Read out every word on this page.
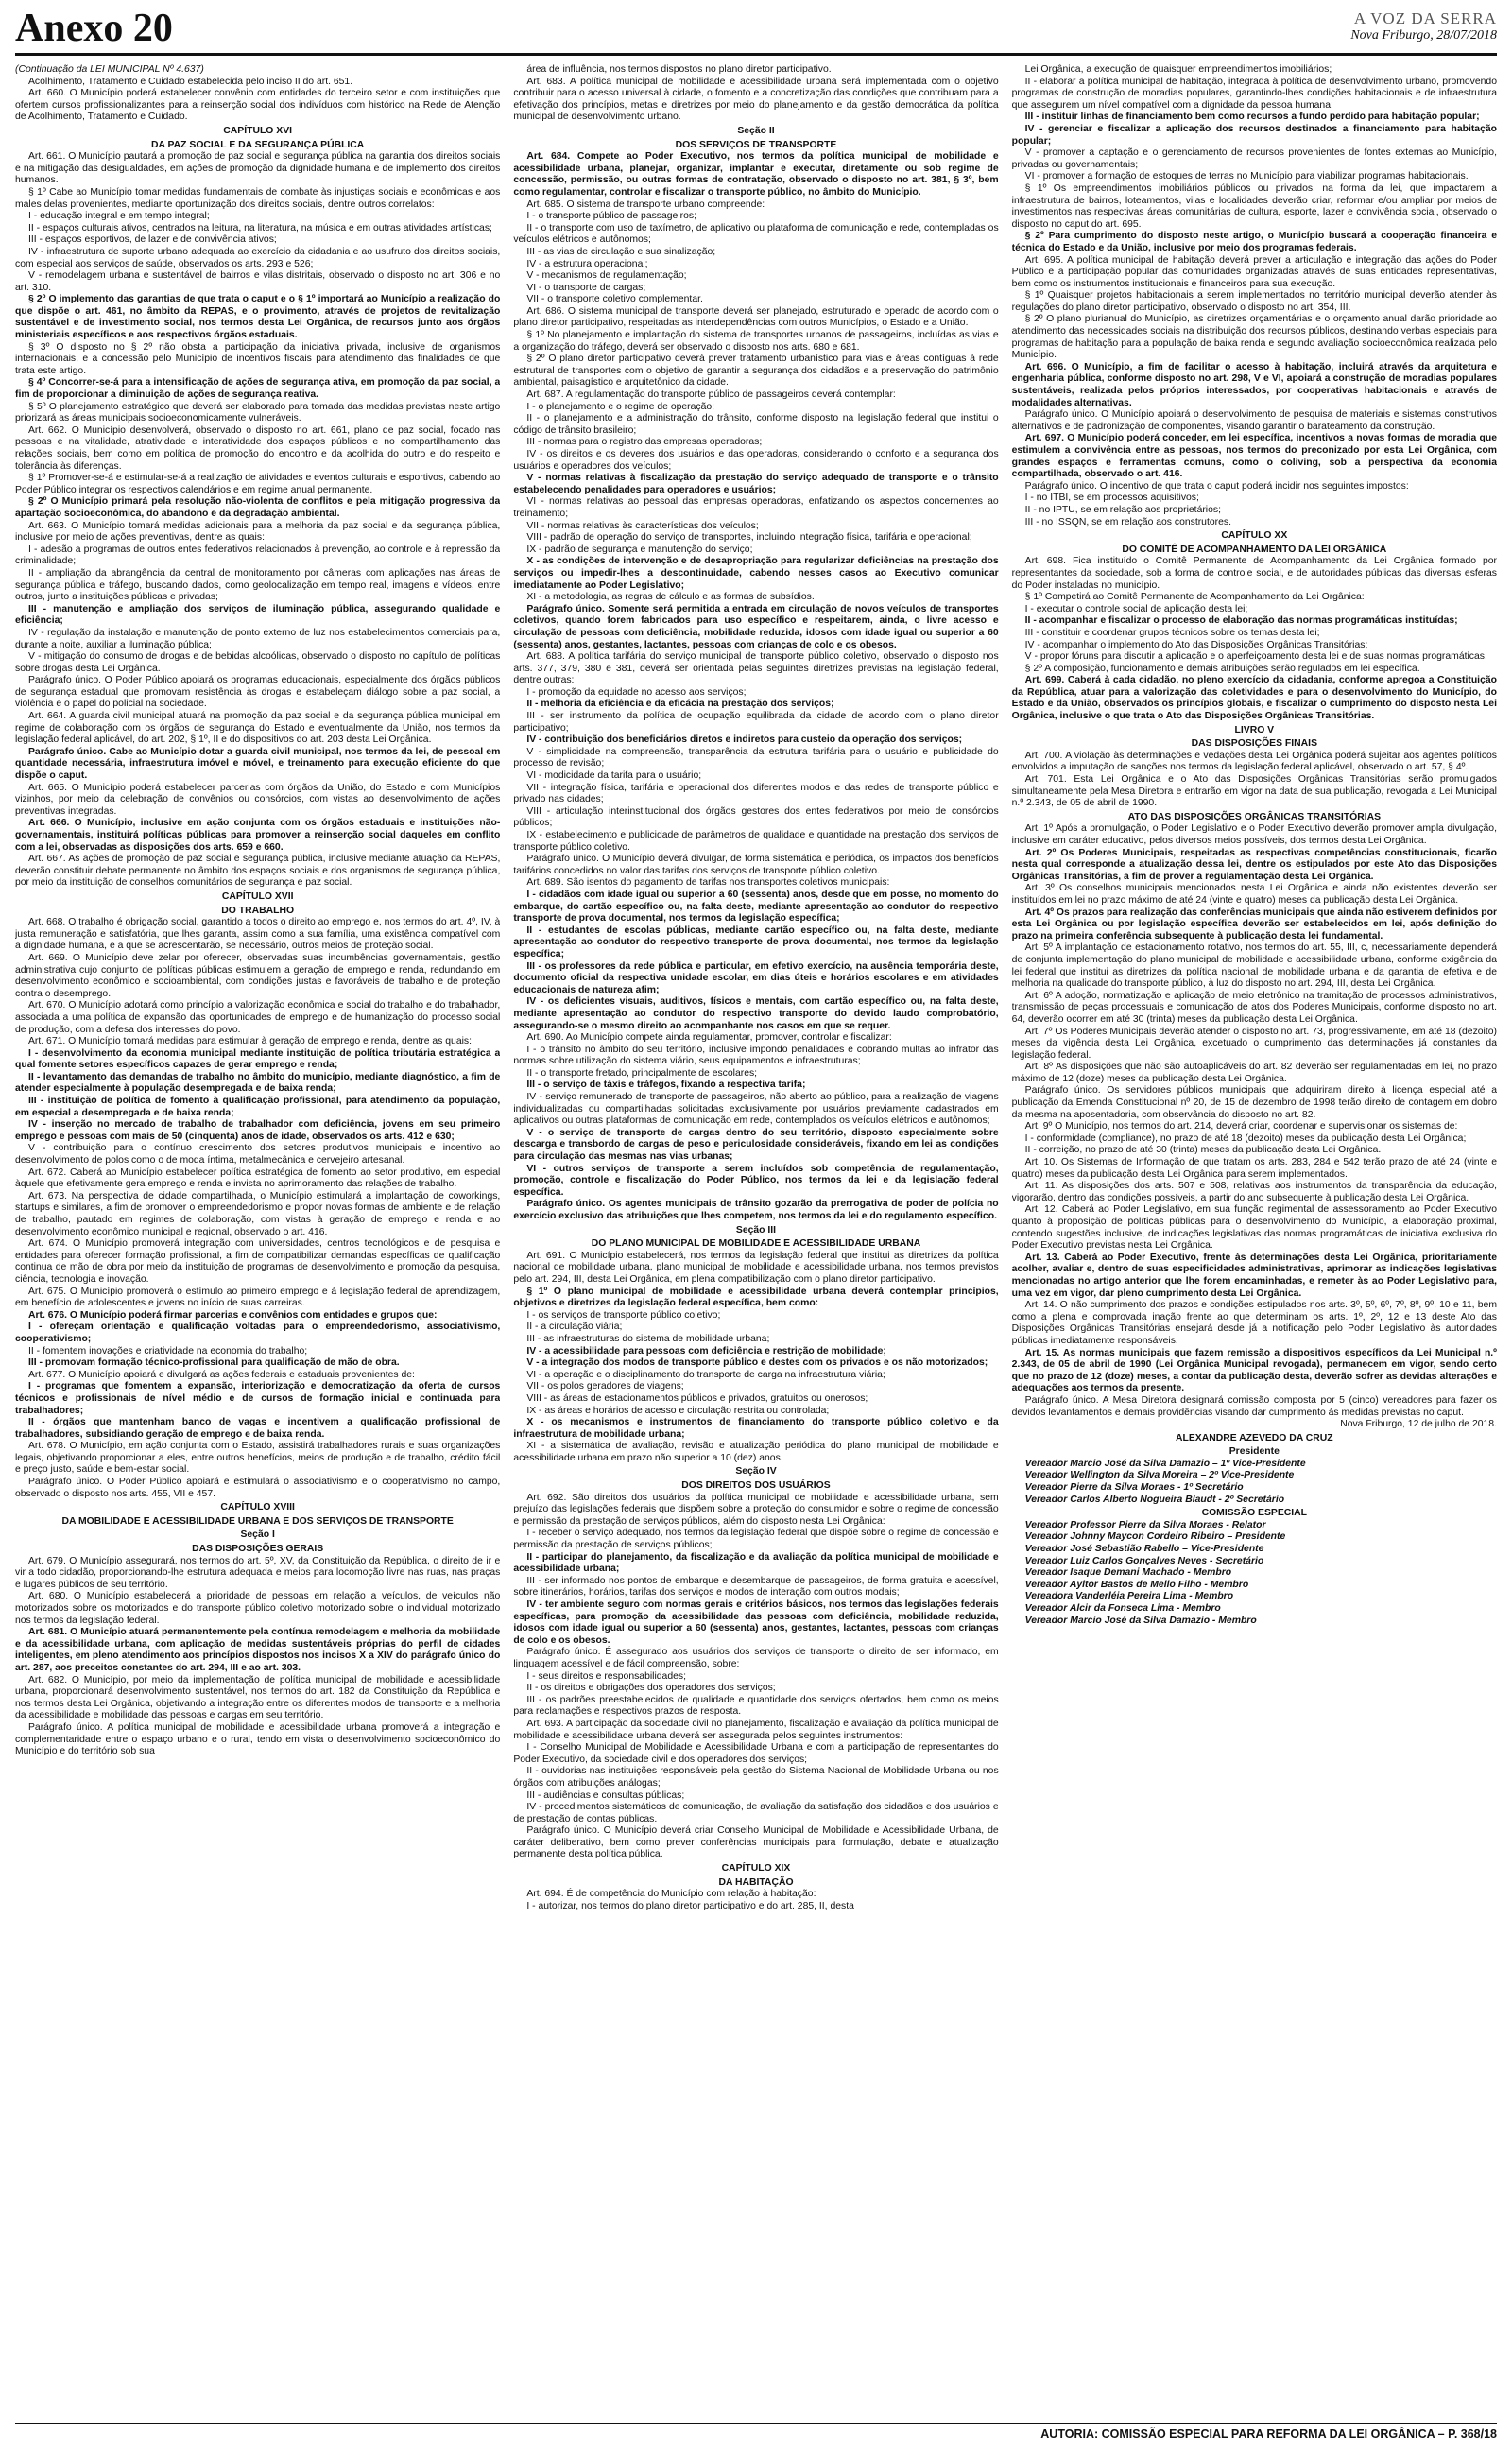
Anexo 20	A VOZ DA SERRA
Nova Friburgo, 28/07/2018

(Continuação da LEI MUNICIPAL Nº 4.637)

Acolhimento, Tratamento e Cuidado estabelecida pelo inciso II do art. 651.

Art. 660. O Município poderá estabelecer convênio com entidades do terceiro setor e com instituições que ofertem cursos profissionalizantes para a reinserção social dos indivíduos com histórico na Rede de Atenção de Acolhimento, Tratamento e Cuidado.

CAPÍTULO XVI

DA PAZ SOCIAL E DA SEGURANÇA PÚBLICA

Art. 661. O Município pautará a promoção de paz social e segurança pública na garantia dos direitos sociais e na mitigação das desigualdades, em ações de promoção da dignidade humana e de implemento dos direitos humanos.

§ 1º Cabe ao Município tomar medidas fundamentais de combate às injustiças sociais e econômicas e aos males delas provenientes, mediante oportunização dos direitos sociais, dentre outros correlatos:

I - educação integral e em tempo integral;

II - espaços culturais ativos, centrados na leitura, na literatura, na música e em outras atividades artísticas;

III - espaços esportivos, de lazer e de convivência ativos;

IV - infraestrutura de suporte urbano adequada ao exercício da cidadania e ao usufruto dos direitos sociais, com especial aos serviços de saúde, observados os arts. 293 e 526;

V - remodelagem urbana e sustentável de bairros e vilas distritais, observado o disposto no art. 306 e no art. 310.

§ 2º O implemento das garantias de que trata o caput e o § 1º importará ao Município a realização do que dispõe o art. 461, no âmbito da REPAS, e o provimento, através de projetos de revitalização sustentável e de investimento social, nos termos desta Lei Orgânica, de recursos junto aos órgãos ministeriais específicos e aos respectivos órgãos estaduais.

§ 3º O disposto no § 2º não obsta a participação da iniciativa privada, inclusive de organismos internacionais, e a concessão pelo Município de incentivos fiscais para atendimento das finalidades de que trata este artigo.

§ 4º Concorrer-se-á para a intensificação de ações de segurança ativa, em promoção da paz social, a fim de proporcionar a diminuição de ações de segurança reativa.

§ 5º O planejamento estratégico que deverá ser elaborado para tomada das medidas previstas neste artigo priorizará as áreas municipais socioeconomicamente vulneráveis.

Art. 662. O Município desenvolverá, observado o disposto no art. 661, plano de paz social, focado nas pessoas e na vitalidade, atratividade e interatividade dos espaços públicos e no compartilhamento das relações sociais, bem como em política de promoção do encontro e da acolhida do outro e do respeito e tolerância às diferenças.

§ 1º Promover-se-á e estimular-se-á a realização de atividades e eventos culturais e esportivos, cabendo ao Poder Público integrar os respectivos calendários e em regime anual permanente.

§ 2º O Município primará pela resolução não-violenta de conflitos e pela mitigação progressiva da apartação socioeconômica, do abandono e da degradação ambiental.

Art. 663. O Município tomará medidas adicionais para a melhoria da paz social e da segurança pública, inclusive por meio de ações preventivas, dentre as quais:

I - adesão a programas de outros entes federativos relacionados à prevenção, ao controle e à repressão da criminalidade;

II - ampliação da abrangência da central de monitoramento por câmeras com aplicações nas áreas de segurança pública e tráfego, buscando dados, como geolocalização em tempo real, imagens e vídeos, entre outros, junto a instituições públicas e privadas;

III - manutenção e ampliação dos serviços de iluminação pública, assegurando qualidade e eficiência;

IV - regulação da instalação e manutenção de ponto externo de luz nos estabelecimentos comerciais para, durante a noite, auxiliar a iluminação pública;

V - mitigação do consumo de drogas e de bebidas alcoólicas, observado o disposto no capítulo de políticas sobre drogas desta Lei Orgânica.

Parágrafo único. O Poder Público apoiará os programas educacionais, especialmente dos órgãos públicos de segurança estadual que promovam resistência às drogas e estabeleçam diálogo sobre a paz social, a violência e o papel do policial na sociedade.

Art. 664. A guarda civil municipal atuará na promoção da paz social e da segurança pública municipal em regime de colaboração com os órgãos de segurança do Estado e eventualmente da União, nos termos da legislação federal aplicável, do art. 202, § 1º, II e do dispositivos do art. 203 desta Lei Orgânica.

Parágrafo único. Cabe ao Município dotar a guarda civil municipal, nos termos da lei, de pessoal em quantidade necessária, infraestrutura imóvel e móvel, e treinamento para execução eficiente do que dispõe o caput.

Art. 665. O Município poderá estabelecer parcerias com órgãos da União, do Estado e com Municípios vizinhos, por meio da celebração de convênios ou consórcios, com vistas ao desenvolvimento de ações preventivas integradas.

Art. 666. O Município, inclusive em ação conjunta com os órgãos estaduais e instituições não-governamentais, instituirá políticas públicas para promover a reinserção social daqueles em conflito com a lei, observadas as disposições dos arts. 659 e 660.

Art. 667. As ações de promoção de paz social e segurança pública, inclusive mediante atuação da REPAS, deverão constituir debate permanente no âmbito dos espaços sociais e dos organismos de segurança pública, por meio da instituição de conselhos comunitários de segurança e paz social.

CAPÍTULO XVII

DO TRABALHO

Art. 668. O trabalho é obrigação social, garantido a todos o direito ao emprego e, nos termos do art. 4º, IV, à justa remuneração e satisfatória, que lhes garanta, assim como a sua família, uma existência compatível com a dignidade humana, e a que se acrescentarão, se necessário, outros meios de proteção social.

Art. 669. O Município deve zelar por oferecer, observadas suas incumbências governamentais, gestão administrativa cujo conjunto de políticas públicas estimulem a geração de emprego e renda, redundando em desenvolvimento econômico e socioambiental, com condições justas e favoráveis de trabalho e de proteção contra o desemprego.

Art. 670. O Município adotará como princípio a valorização econômica e social do trabalho e do trabalhador, associada a uma política de expansão das oportunidades de emprego e de humanização do processo social de produção, com a defesa dos interesses do povo.

Art. 671. O Município tomará medidas para estimular à geração de emprego e renda, dentre as quais:

I - desenvolvimento da economia municipal mediante instituição de política tributária estratégica a qual fomente setores específicos capazes de gerar emprego e renda;

II - levantamento das demandas de trabalho no âmbito do município, mediante diagnóstico, a fim de atender especialmente à população desempregada e de baixa renda;

III - instituição de política de fomento à qualificação profissional, para atendimento da população, em especial a desempregada e de baixa renda;

IV - inserção no mercado de trabalho de trabalhador com deficiência, jovens em seu primeiro emprego e pessoas com mais de 50 (cinquenta) anos de idade, observados os arts. 412 e 630;

V - contribuição para o contínuo crescimento dos setores produtivos municipais e incentivo ao desenvolvimento de polos como o de moda íntima, metalmecânica e cervejeiro artesanal.

Art. 672. Caberá ao Município estabelecer política estratégica de fomento ao setor produtivo, em especial àquele que efetivamente gera emprego e renda e invista no aprimoramento das relações de trabalho.

Art. 673. Na perspectiva de cidade compartilhada, o Município estimulará a implantação de coworkings, startups e similares, a fim de promover o empreendedorismo e propor novas formas de ambiente e de relação de trabalho, pautado em regimes de colaboração, com vistas à geração de emprego e renda e ao desenvolvimento econômico municipal e regional, observado o art. 416.

Art. 674. O Município promoverá integração com universidades, centros tecnológicos e de pesquisa e entidades para oferecer formação profissional, a fim de compatibilizar demandas específicas de qualificação continua de mão de obra por meio da instituição de programas de desenvolvimento e promoção da pesquisa, ciência, tecnologia e inovação.

Art. 675. O Município promoverá o estímulo ao primeiro emprego e à legislação federal de aprendizagem, em benefício de adolescentes e jovens no início de suas carreiras.

Art. 676. O Município poderá firmar parcerias e convênios com entidades e grupos que:

I - ofereçam orientação e qualificação voltadas para o empreendedorismo, associativismo, cooperativismo;

II - fomentem inovações e criatividade na economia do trabalho;

III - promovam formação técnico-profissional para qualificação de mão de obra.

Art. 677. O Município apoiará e divulgará as ações federais e estaduais provenientes de:

I - programas que fomentem a expansão, interiorização e democratização da oferta de cursos técnicos e profissionais de nível médio e de cursos de formação inicial e continuada para trabalhadores;

II - órgãos que mantenham banco de vagas e incentivem a qualificação profissional de trabalhadores, subsidiando geração de emprego e de baixa renda.

Art. 678. O Município, em ação conjunta com o Estado, assistirá trabalhadores rurais e suas organizações legais, objetivando proporcionar a eles, entre outros benefícios, meios de produção e de trabalho, crédito fácil e preço justo, saúde e bem-estar social.

Parágrafo único. O Poder Público apoiará e estimulará o associativismo e o cooperativismo no campo, observado o disposto nos arts. 455, VII e 457.

CAPÍTULO XVIII

DA MOBILIDADE E ACESSIBILIDADE URBANA E DOS SERVIÇOS DE TRANSPORTE

Seção I

DAS DISPOSIÇÕES GERAIS

Art. 679. O Município assegurará, nos termos do art. 5º, XV, da Constituição da República, o direito de ir e vir a todo cidadão, proporcionando-lhe estrutura adequada e meios para locomoção livre nas ruas, nas praças e lugares públicos de seu território.

Art. 680. O Município estabelecerá a prioridade de pessoas em relação a veículos, de veículos não motorizados sobre os motorizados e do transporte público coletivo motorizado sobre o individual motorizado nos termos da legislação federal.

Art. 681. O Município atuará permanentemente pela contínua remodelagem e melhoria da mobilidade e da acessibilidade urbana, com aplicação de medidas sustentáveis próprias do perfil de cidades inteligentes, em pleno atendimento aos princípios dispostos nos incisos X a XIV do parágrafo único do art. 287, aos preceitos constantes do art. 294, III e ao art. 303.

Art. 682. O Município, por meio da implementação de política municipal de mobilidade e acessibilidade urbana, proporcionará desenvolvimento sustentável, nos termos do art. 182 da Constituição da República e nos termos desta Lei Orgânica, objetivando a integração entre os diferentes modos de transporte e a melhoria da acessibilidade e mobilidade das pessoas e cargas em seu território.

Parágrafo único. A política municipal de mobilidade e acessibilidade urbana promoverá a integração e complementaridade entre o espaço urbano e o rural, tendo em vista o desenvolvimento socioeconômico do Município e do território sob sua

área de influência, nos termos dispostos no plano diretor participativo.

Art. 683. A política municipal de mobilidade e acessibilidade urbana será implementada com o objetivo contribuir para o acesso universal à cidade, o fomento e a concretização das condições que contribuam para a efetivação dos princípios, metas e diretrizes por meio do planejamento e da gestão democrática da política municipal de desenvolvimento urbano.

Seção II

DOS SERVIÇOS DE TRANSPORTE

Art. 684. Compete ao Poder Executivo, nos termos da política municipal de mobilidade e acessibilidade urbana, planejar, organizar, implantar e executar, diretamente ou sob regime de concessão, permissão, ou outras formas de contratação, observado o disposto no art. 381, § 3º, bem como regulamentar, controlar e fiscalizar o transporte público, no âmbito do Município.

Art. 685. O sistema de transporte urbano compreende:

I - o transporte público de passageiros;

II - o transporte com uso de taxímetro, de aplicativo ou plataforma de comunicação e rede, contempladas os veículos elétricos e autônomos;

III - as vias de circulação e sua sinalização;

IV - a estrutura operacional;

V - mecanismos de regulamentação;

VI - o transporte de cargas;

VII - o transporte coletivo complementar.

Art. 686. O sistema municipal de transporte deverá ser planejado, estruturado e operado de acordo com o plano diretor participativo, respeitadas as interdependências com outros Municípios, o Estado e a União.

§ 1º No planejamento e implantação do sistema de transportes urbanos de passageiros, incluídas as vias e a organização do tráfego, deverá ser observado o disposto nos arts. 680 e 681.

§ 2º O plano diretor participativo deverá prever tratamento urbanístico para vias e áreas contíguas à rede estrutural de transportes com o objetivo de garantir a segurança dos cidadãos e a preservação do patrimônio ambiental, paisagístico e arquitetônico da cidade.

Art. 687. A regulamentação do transporte público de passageiros deverá contemplar:

I - o planejamento e o regime de operação;

II - o planejamento e a administração do trânsito, conforme disposto na legislação federal que institui o código de trânsito brasileiro;

III - normas para o registro das empresas operadoras;

IV - os direitos e os deveres dos usuários e das operadoras, considerando o conforto e a segurança dos usuários e operadores dos veículos;

V - normas relativas à fiscalização da prestação do serviço adequado de transporte e o trânsito estabelecendo penalidades para operadores e usuários;

VI - normas relativas ao pessoal das empresas operadoras, enfatizando os aspectos concernentes ao treinamento;

VII - normas relativas às características dos veículos;

VIII - padrão de operação do serviço de transportes, incluindo integração física, tarifária e operacional;

IX - padrão de segurança e manutenção do serviço;

X - as condições de intervenção e de desapropriação para regularizar deficiências na prestação dos serviços ou impedir-lhes a descontinuidade, cabendo nesses casos ao Executivo comunicar imediatamente ao Poder Legislativo;

XI - a metodologia, as regras de cálculo e as formas de subsídios.

Parágrafo único. Somente será permitida a entrada em circulação de novos veículos de transportes coletivos, quando forem fabricados para uso específico e respeitarem, ainda, o livre acesso e circulação de pessoas com deficiência, mobilidade reduzida, idosos com idade igual ou superior a 60 (sessenta) anos, gestantes, lactantes, pessoas com crianças de colo e os obesos.

Art. 688. A política tarifária do serviço municipal de transporte público coletivo, observado o disposto nos arts. 377, 379, 380 e 381, deverá ser orientada pelas seguintes diretrizes previstas na legislação federal, dentre outras:

I - promoção da equidade no acesso aos serviços;

II - melhoria da eficiência e da eficácia na prestação dos serviços;

III - ser instrumento da política de ocupação equilibrada da cidade de acordo com o plano diretor participativo;

IV - contribuição dos beneficiários diretos e indiretos para custeio da operação dos serviços;

V - simplicidade na compreensão, transparência da estrutura tarifária para o usuário e publicidade do processo de revisão;

VI - modicidade da tarifa para o usuário;

VII - integração física, tarifária e operacional dos diferentes modos e das redes de transporte público e privado nas cidades;

VIII - articulação interinstitucional dos órgãos gestores dos entes federativos por meio de consórcios públicos;

IX - estabelecimento e publicidade de parâmetros de qualidade e quantidade na prestação dos serviços de transporte público coletivo.

Parágrafo único. O Município deverá divulgar, de forma sistemática e periódica, os impactos dos benefícios tarifários concedidos no valor das tarifas dos serviços de transporte público coletivo.

Art. 689. São isentos do pagamento de tarifas nos transportes coletivos municipais:

I - cidadãos com idade igual ou superior a 60 (sessenta) anos, desde que em posse, no momento do embarque, do cartão específico ou, na falta deste, mediante apresentação ao condutor do respectivo transporte de prova documental, nos termos da legislação específica;

II - estudantes de escolas públicas, mediante cartão específico ou, na falta deste, mediante apresentação ao condutor do respectivo transporte de prova documental, nos termos da legislação específica;

III - os professores da rede pública e particular, em efetivo exercício, na ausência temporária deste, documento oficial da respectiva unidade escolar, em dias úteis e horários escolares e em atividades educacionais de natureza afim;

IV - os deficientes visuais, auditivos, físicos e mentais, com cartão específico ou, na falta deste, mediante apresentação ao condutor do respectivo transporte do devido laudo comprobatório, assegurando-se o mesmo direito ao acompanhante nos casos em que se requer.

Art. 690. Ao Município compete ainda regulamentar, promover, controlar e fiscalizar:

I - o trânsito no âmbito do seu território, inclusive impondo penalidades e cobrando multas ao infrator das normas sobre utilização do sistema viário, seus equipamentos e infraestruturas;

II - o transporte fretado, principalmente de escolares;

III - o serviço de táxis e tráfegos, fixando a respectiva tarifa;

IV - serviço remunerado de transporte de passageiros, não aberto ao público, para a realização de viagens individualizadas ou compartilhadas solicitadas exclusivamente por usuários previamente cadastrados em aplicativos ou outras plataformas de comunicação em rede, contemplados os veículos elétricos e autônomos;

V - o serviço de transporte de cargas dentro do seu território, disposto especialmente sobre descarga e transbordo de cargas de peso e periculosidade consideráveis, fixando em lei as condições para circulação das mesmas nas vias urbanas;

VI - outros serviços de transporte a serem incluídos sob competência de regulamentação, promoção, controle e fiscalização do Poder Público, nos termos da lei e da legislação federal específica.

Parágrafo único. Os agentes municipais de trânsito gozarão da prerrogativa de poder de polícia no exercício exclusivo das atribuições que lhes competem, nos termos da lei e do regulamento específico.

Seção III

DO PLANO MUNICIPAL DE MOBILIDADE E ACESSIBILIDADE URBANA

Art. 691. O Município estabelecerá, nos termos da legislação federal que institui as diretrizes da política nacional de mobilidade urbana, plano municipal de mobilidade e acessibilidade urbana, nos termos previstos pelo art. 294, III, desta Lei Orgânica, em plena compatibilização com o plano diretor participativo.

§ 1º O plano municipal de mobilidade e acessibilidade urbana deverá contemplar princípios, objetivos e diretrizes da legislação federal específica, bem como:

I - os serviços de transporte público coletivo;

II - a circulação viária;

III - as infraestruturas do sistema de mobilidade urbana;

IV - a acessibilidade para pessoas com deficiência e restrição de mobilidade;

V - a integração dos modos de transporte público e destes com os privados e os não motorizados;

VI - a operação e o disciplinamento do transporte de carga na infraestrutura viária;

VII - os polos geradores de viagens;

VIII - as áreas de estacionamentos públicos e privados, gratuitos ou onerosos;

IX - as áreas e horários de acesso e circulação restrita ou controlada;

X - os mecanismos e instrumentos de financiamento do transporte público coletivo e da infraestrutura de mobilidade urbana;

XI - a sistemática de avaliação, revisão e atualização periódica do plano municipal de mobilidade e acessibilidade urbana em prazo não superior a 10 (dez) anos.

Seção IV

DOS DIREITOS DOS USUÁRIOS

Art. 692. São direitos dos usuários da política municipal de mobilidade e acessibilidade urbana, sem prejuízo das legislações federais que dispõem sobre a proteção do consumidor e sobre o regime de concessão e permissão da prestação de serviços públicos, além do disposto nesta Lei Orgânica:

I - receber o serviço adequado, nos termos da legislação federal que dispõe sobre o regime de concessão e permissão da prestação de serviços públicos;

II - participar do planejamento, da fiscalização e da avaliação da política municipal de mobilidade e acessibilidade urbana;

III - ser informado nos pontos de embarque e desembarque de passageiros, de forma gratuita e acessível, sobre itinerários, horários, tarifas dos serviços e modos de interação com outros modais;

IV - ter ambiente seguro com normas gerais e critérios básicos, nos termos das legislações federais específicas, para promoção da acessibilidade das pessoas com deficiência, mobilidade reduzida, idosos com idade igual ou superior a 60 (sessenta) anos, gestantes, lactantes, pessoas com crianças de colo e os obesos.

Parágrafo único. É assegurado aos usuários dos serviços de transporte o direito de ser informado, em linguagem acessível e de fácil compreensão, sobre:

I - seus direitos e responsabilidades;

II - os direitos e obrigações dos operadores dos serviços;

III - os padrões preestabelecidos de qualidade e quantidade dos serviços ofertados, bem como os meios para reclamações e respectivos prazos de resposta.

Art. 693. A participação da sociedade civil no planejamento, fiscalização e avaliação da política municipal de mobilidade e acessibilidade urbana deverá ser assegurada pelos seguintes instrumentos:

I - Conselho Municipal de Mobilidade e Acessibilidade Urbana e com a participação de representantes do Poder Executivo, da sociedade civil e dos operadores dos serviços;

II - ouvidorias nas instituições responsáveis pela gestão do Sistema Nacional de Mobilidade Urbana ou nos órgãos com atribuições análogas;

III - audiências e consultas públicas;

IV - procedimentos sistemáticos de comunicação, de avaliação da satisfação dos cidadãos e dos usuários e de prestação de contas públicas.

Parágrafo único. O Município deverá criar Conselho Municipal de Mobilidade e Acessibilidade Urbana, de caráter deliberativo, bem como prever conferências municipais para formulação, debate e atualização permanente desta política pública.

CAPÍTULO XIX

DA HABITAÇÃO

Art. 694. É de competência do Município com relação à habitação:

I - autorizar, nos termos do plano diretor participativo e do art. 285, II, desta

Lei Orgânica, a execução de quaisquer empreendimentos imobiliários;

II - elaborar a política municipal de habitação, integrada à política de desenvolvimento urbano, promovendo programas de construção de moradias populares, garantindo-lhes condições habitacionais e de infraestrutura que assegurem um nível compatível com a dignidade da pessoa humana;

III - instituir linhas de financiamento bem como recursos a fundo perdido para habitação popular;

IV - gerenciar e fiscalizar a aplicação dos recursos destinados a financiamento para habitação popular;

V - promover a captação e o gerenciamento de recursos provenientes de fontes externas ao Município, privadas ou governamentais;

VI - promover a formação de estoques de terras no Município para viabilizar programas habitacionais.

§ 1º Os empreendimentos imobiliários públicos ou privados, na forma da lei, que impactarem a infraestrutura de bairros, loteamentos, vilas e localidades deverão criar, reformar e/ou ampliar por meios de investimentos nas respectivas áreas comunitárias de cultura, esporte, lazer e convivência social, observado o disposto no caput do art. 695.

§ 2º Para cumprimento do disposto neste artigo, o Município buscará a cooperação financeira e técnica do Estado e da União, inclusive por meio dos programas federais.

Art. 695. A política municipal de habitação deverá prever a articulação e integração das ações do Poder Público e a participação popular das comunidades organizadas através de suas entidades representativas, bem como os instrumentos institucionais e financeiros para sua execução.

§ 1º Quaisquer projetos habitacionais a serem implementados no território municipal deverão atender às regulações do plano diretor participativo, observado o disposto no art. 354, III.

§ 2º O plano plurianual do Município, as diretrizes orçamentárias e o orçamento anual darão prioridade ao atendimento das necessidades sociais na distribuição dos recursos públicos, destinando verbas especiais para programas de habitação para a população de baixa renda e segundo avaliação socioeconômica realizada pelo Município.

Art. 696. O Município, a fim de facilitar o acesso à habitação, incluirá através da arquitetura e engenharia pública, conforme disposto no art. 298, V e VI, apoiará a construção de moradias populares sustentáveis, realizada pelos próprios interessados, por cooperativas habitacionais e através de modalidades alternativas.

Parágrafo único. O Município apoiará o desenvolvimento de pesquisa de materiais e sistemas construtivos alternativos e de padronização de componentes, visando garantir o barateamento da construção.

Art. 697. O Município poderá conceder, em lei específica, incentivos a novas formas de moradia que estimulem a convivência entre as pessoas, nos termos do preconizado por esta Lei Orgânica, com grandes espaços e ferramentas comuns, como o coliving, sob a perspectiva da economia compartilhada, observado o art. 416.

Parágrafo único. O incentivo de que trata o caput poderá incidir nos seguintes impostos:

I - no ITBI, se em processos aquisitivos;

II - no IPTU, se em relação aos proprietários;

III - no ISSQN, se em relação aos construtores.

CAPÍTULO XX

DO COMITÊ DE ACOMPANHAMENTO DA LEI ORGÂNICA

Art. 698. Fica instituído o Comitê Permanente de Acompanhamento da Lei Orgânica formado por representantes da sociedade, sob a forma de controle social, e de autoridades públicas das diversas esferas do Poder instaladas no município.

§ 1º Competirá ao Comitê Permanente de Acompanhamento da Lei Orgânica:

I - executar o controle social de aplicação desta lei;

II - acompanhar e fiscalizar o processo de elaboração das normas programáticas instituídas;

III - constituir e coordenar grupos técnicos sobre os temas desta lei;

IV - acompanhar o implemento do Ato das Disposições Orgânicas Transitórias;

V - propor fóruns para discutir a aplicação e o aperfeiçoamento desta lei e de suas normas programáticas.

§ 2º A composição, funcionamento e demais atribuições serão regulados em lei específica.

Art. 699. Caberá à cada cidadão, no pleno exercício da cidadania, conforme apregoa a Constituição da República, atuar para a valorização das coletividades e para o desenvolvimento do Município, do Estado e da União, observados os princípios globais, e fiscalizar o cumprimento do disposto nesta Lei Orgânica, inclusive o que trata o Ato das Disposições Orgânicas Transitórias.

LIVRO V

DAS DISPOSIÇÕES FINAIS

Art. 700. A violação às determinações e vedações desta Lei Orgânica poderá sujeitar aos agentes políticos envolvidos a imputação de sanções nos termos da legislação federal aplicável, observado o art. 57, § 4º.

Art. 701. Esta Lei Orgânica e o Ato das Disposições Orgânicas Transitórias serão promulgados simultaneamente pela Mesa Diretora e entrarão em vigor na data de sua publicação, revogada a Lei Municipal n.º 2.343, de 05 de abril de 1990.

ATO DAS DISPOSIÇÕES ORGÂNICAS TRANSITÓRIAS

Art. 1º Após a promulgação, o Poder Legislativo e o Poder Executivo deverão promover ampla divulgação, inclusive em caráter educativo, pelos diversos meios possíveis, dos termos desta Lei Orgânica.

Art. 2º Os Poderes Municipais, respeitadas as respectivas competências constitucionais, ficarão nesta qual corresponde a atualização dessa lei, dentre os estipulados por este Ato das Disposições Orgânicas Transitórias, a fim de prover a regulamentação desta Lei Orgânica.

Art. 3º Os conselhos municipais mencionados nesta Lei Orgânica e ainda não existentes deverão ser instituídos em lei no prazo máximo de até 24 (vinte e quatro) meses da publicação desta Lei Orgânica.

Art. 4º Os prazos para realização das conferências municipais que ainda não estiverem definidos por esta Lei Orgânica ou por legislação específica deverão ser estabelecidos em lei, após definição do prazo na primeira conferência subsequente à publicação desta lei fundamental.

Art. 5º A implantação de estacionamento rotativo, nos termos do art. 55, III, c, necessariamente dependerá de conjunta implementação do plano municipal de mobilidade e acessibilidade urbana, conforme exigência da lei federal que institui as diretrizes da política nacional de mobilidade urbana e da garantia de efetiva e de melhoria na qualidade do transporte público, à luz do disposto no art. 294, III, desta Lei Orgânica.

Art. 6º A adoção, normatização e aplicação de meio eletrônico na tramitação de processos administrativos, transmissão de peças processuais e comunicação de atos dos Poderes Municipais, conforme disposto no art. 64, deverão ocorrer em até 30 (trinta) meses da publicação desta Lei Orgânica.

Art. 7º Os Poderes Municipais deverão atender o disposto no art. 73, progressivamente, em até 18 (dezoito) meses da vigência desta Lei Orgânica, excetuado o cumprimento das determinações já constantes da legislação federal.

Art. 8º As disposições que não são autoaplicáveis do art. 82 deverão ser regulamentadas em lei, no prazo máximo de 12 (doze) meses da publicação desta Lei Orgânica.

Parágrafo único. Os servidores públicos municipais que adquiriram direito à licença especial até a publicação da Emenda Constitucional nº 20, de 15 de dezembro de 1998 terão direito de contagem em dobro da mesma na aposentadoria, com observância do disposto no art. 82.

Art. 9º O Município, nos termos do art. 214, deverá criar, coordenar e supervisionar os sistemas de:

I - conformidade (compliance), no prazo de até 18 (dezoito) meses da publicação desta Lei Orgânica;

II - correição, no prazo de até 30 (trinta) meses da publicação desta Lei Orgânica.

Art. 10. Os Sistemas de Informação de que tratam os arts. 283, 284 e 542 terão prazo de até 24 (vinte e quatro) meses da publicação desta Lei Orgânica para serem implementados.

Art. 11. As disposições dos arts. 507 e 508, relativas aos instrumentos da transparência da educação, vigorarão, dentro das condições possíveis, a partir do ano subsequente à publicação desta Lei Orgânica.

Art. 12. Caberá ao Poder Legislativo, em sua função regimental de assessoramento ao Poder Executivo quanto à proposição de políticas públicas para o desenvolvimento do Município, a elaboração proximal, contendo sugestões inclusive, de indicações legislativas das normas programáticas de iniciativa exclusiva do Poder Executivo previstas nesta Lei Orgânica.

Art. 13. Caberá ao Poder Executivo, frente às determinações desta Lei Orgânica, prioritariamente acolher, avaliar e, dentro de suas especificidades administrativas, aprimorar as indicações legislativas mencionadas no artigo anterior que lhe forem encaminhadas, e remeter às ao Poder Legislativo para, uma vez em vigor, dar pleno cumprimento desta Lei Orgânica.

Art. 14. O não cumprimento dos prazos e condições estipulados nos arts. 3º, 5º, 6º, 7º, 8º, 9º, 10 e 11, bem como a plena e comprovada inação frente ao que determinam os arts. 1º, 2º, 12 e 13 deste Ato das Disposições Orgânicas Transitórias ensejará desde já a notificação pelo Poder Legislativo às autoridades públicas imediatamente responsáveis.

Art. 15. As normas municipais que fazem remissão a dispositivos específicos da Lei Municipal n.º 2.343, de 05 de abril de 1990 (Lei Orgânica Municipal revogada), permanecem em vigor, sendo certo que no prazo de 12 (doze) meses, a contar da publicação desta, deverão sofrer as devidas alterações e adequações aos termos da presente.

Parágrafo único. A Mesa Diretora designará comissão composta por 5 (cinco) vereadores para fazer os devidos levantamentos e demais providências visando dar cumprimento às medidas previstas no caput.

Nova Friburgo, 12 de julho de 2018.

ALEXANDRE AZEVEDO DA CRUZ

Presidente

Vereador Marcio José da Silva Damazio – 1º Vice-Presidente

Vereador Wellington da Silva Moreira – 2º Vice-Presidente

Vereador Pierre da Silva Moraes - 1º Secretário

Vereador Carlos Alberto Nogueira Blaudt - 2º Secretário

COMISSÃO ESPECIAL

Vereador Professor Pierre da Silva Moraes - Relator

Vereador Johnny Maycon Cordeiro Ribeiro – Presidente

Vereador José Sebastião Rabello – Vice-Presidente

Vereador Luiz Carlos Gonçalves Neves - Secretário

Vereador Isaque Demani Machado - Membro

Vereador Ayltor Bastos de Mello Filho - Membro

Vereadora Vanderléia Pereira Lima - Membro

Vereador Alcir da Fonseca Lima - Membro

Vereador Marcio José da Silva Damazio - Membro

AUTORIA: COMISSÃO ESPECIAL PARA REFORMA DA LEI ORGÂNICA – P. 368/18
